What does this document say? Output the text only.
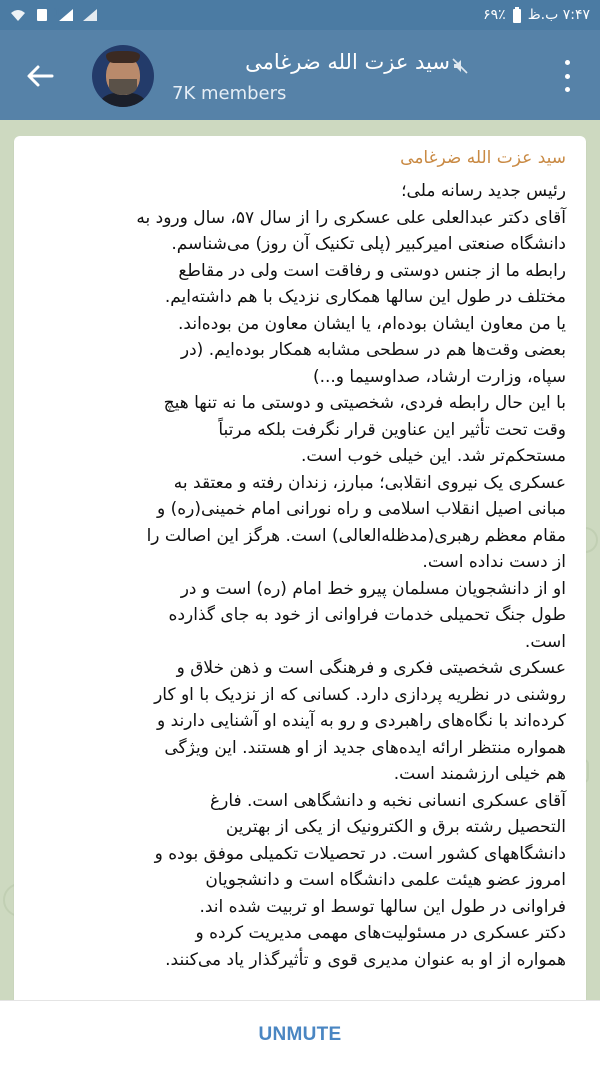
1	۶۹٪ ۷:۴۷ ب.ظ
سید عزت الله ضرغامی
7K members
سید عزت الله ضرغامی
رئیس جدید رسانه ملی؛
آقای دکتر عبدالعلی علی عسکری را از سال ۵۷، سال ورود به
دانشگاه صنعتی امیرکبیر (پلی تکنیک آن روز) می‌شناسم.
رابطه ما از جنس دوستی و رفاقت است ولی در مقاطع
مختلف در طول این سالها همکاری نزدیک با هم داشته‌ایم.
یا من معاون ایشان بوده‌ام، یا ایشان معاون من بوده‌اند.
بعضی وقت‌ها هم در سطحی مشابه همکار بوده‌ایم. (در
سپاه، وزارت ارشاد، صداوسیما و...)
با این حال رابطه فردی، شخصیتی و دوستی ما نه تنها هیچ
وقت تحت تأثیر این عناوین قرار نگرفت بلکه مرتباً
مستحکم‌تر شد. این خیلی خوب است.
عسکری یک نیروی انقلابی؛ مبارز، زندان رفته و معتقد به
مبانی اصیل انقلاب اسلامی و راه نورانی امام خمینی(ره) و
مقام معظم رهبری(مدظله‌العالی) است. هرگز این اصالت را
از دست نداده است.
او از دانشجویان مسلمان پیرو خط امام (ره) است و در
طول جنگ تحمیلی خدمات فراوانی از خود به جای گذارده
است.
عسکری شخصیتی فکری و فرهنگی است و ذهن خلاق و
روشنی در نظریه پردازی دارد. کسانی که از نزدیک با او کار
کرده‌اند با نگاه‌های راهبردی و رو به آینده او آشنایی دارند و
همواره منتظر ارائه ایده‌های جدید از او هستند. این ویژگی
هم خیلی ارزشمند است.
آقای عسکری انسانی نخبه و دانشگاهی است. فارغ
التحصیل رشته برق و الکترونیک از یکی از بهترین
دانشگاههای کشور است. در تحصیلات تکمیلی موفق بوده و
امروز عضو هیئت علمی دانشگاه است و دانشجویان
فراوانی در طول این سالها توسط او تربیت شده اند.
دکتر عسکری در مسئولیت‌های مهمی مدیریت کرده و
همواره از او به عنوان مدیری قوی و تأثیرگذار یاد می‌کنند.
UNMUTE
